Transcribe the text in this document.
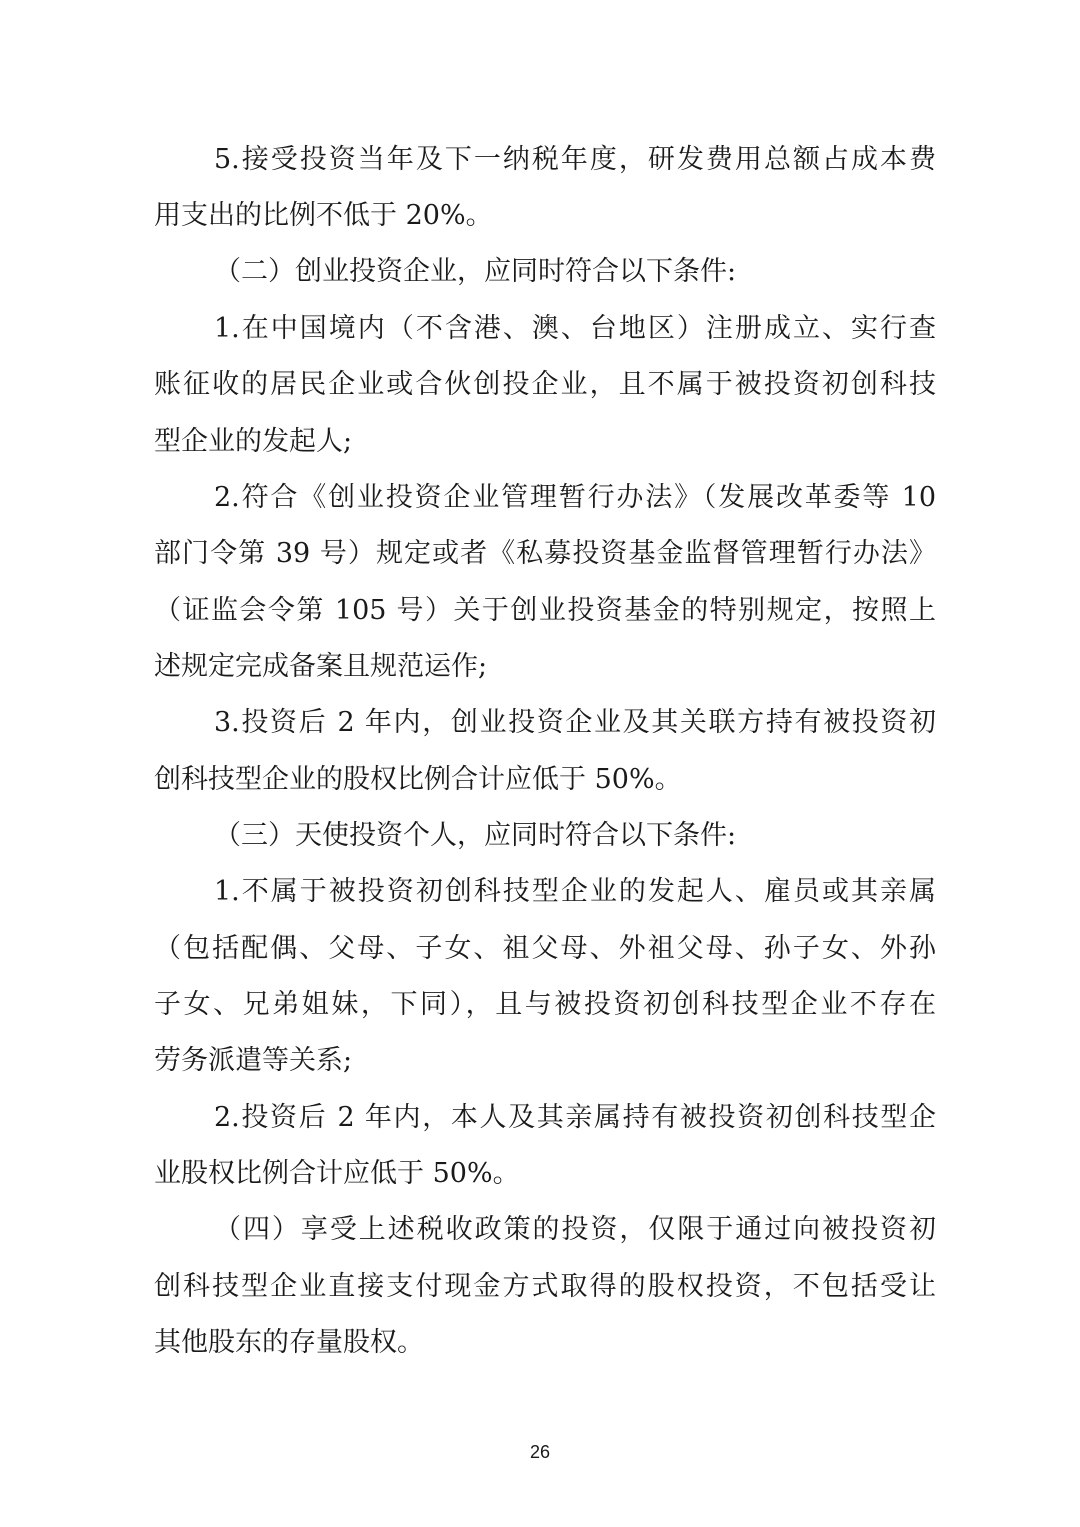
5.接受投资当年及下一纳税年度，研发费用总额占成本费
用支出的比例不低于 20%。
（二）创业投资企业，应同时符合以下条件:
1.在中国境内（不含港、澳、台地区）注册成立、实行查
账征收的居民企业或合伙创投企业，且不属于被投资初创科技
型企业的发起人;
2.符合《创业投资企业管理暂行办法》（发展改革委等 10
部门令第 39 号）规定或者《私募投资基金监督管理暂行办法》
（证监会令第 105 号）关于创业投资基金的特别规定，按照上
述规定完成备案且规范运作;
3.投资后 2 年内，创业投资企业及其关联方持有被投资初
创科技型企业的股权比例合计应低于 50%。
（三）天使投资个人，应同时符合以下条件:
1.不属于被投资初创科技型企业的发起人、雇员或其亲属
（包括配偶、父母、子女、祖父母、外祖父母、孙子女、外孙
子女、兄弟姐妹，下同），且与被投资初创科技型企业不存在
劳务派遣等关系;
2.投资后 2 年内，本人及其亲属持有被投资初创科技型企
业股权比例合计应低于 50%。
（四）享受上述税收政策的投资，仅限于通过向被投资初
创科技型企业直接支付现金方式取得的股权投资，不包括受让
其他股东的存量股权。
26
